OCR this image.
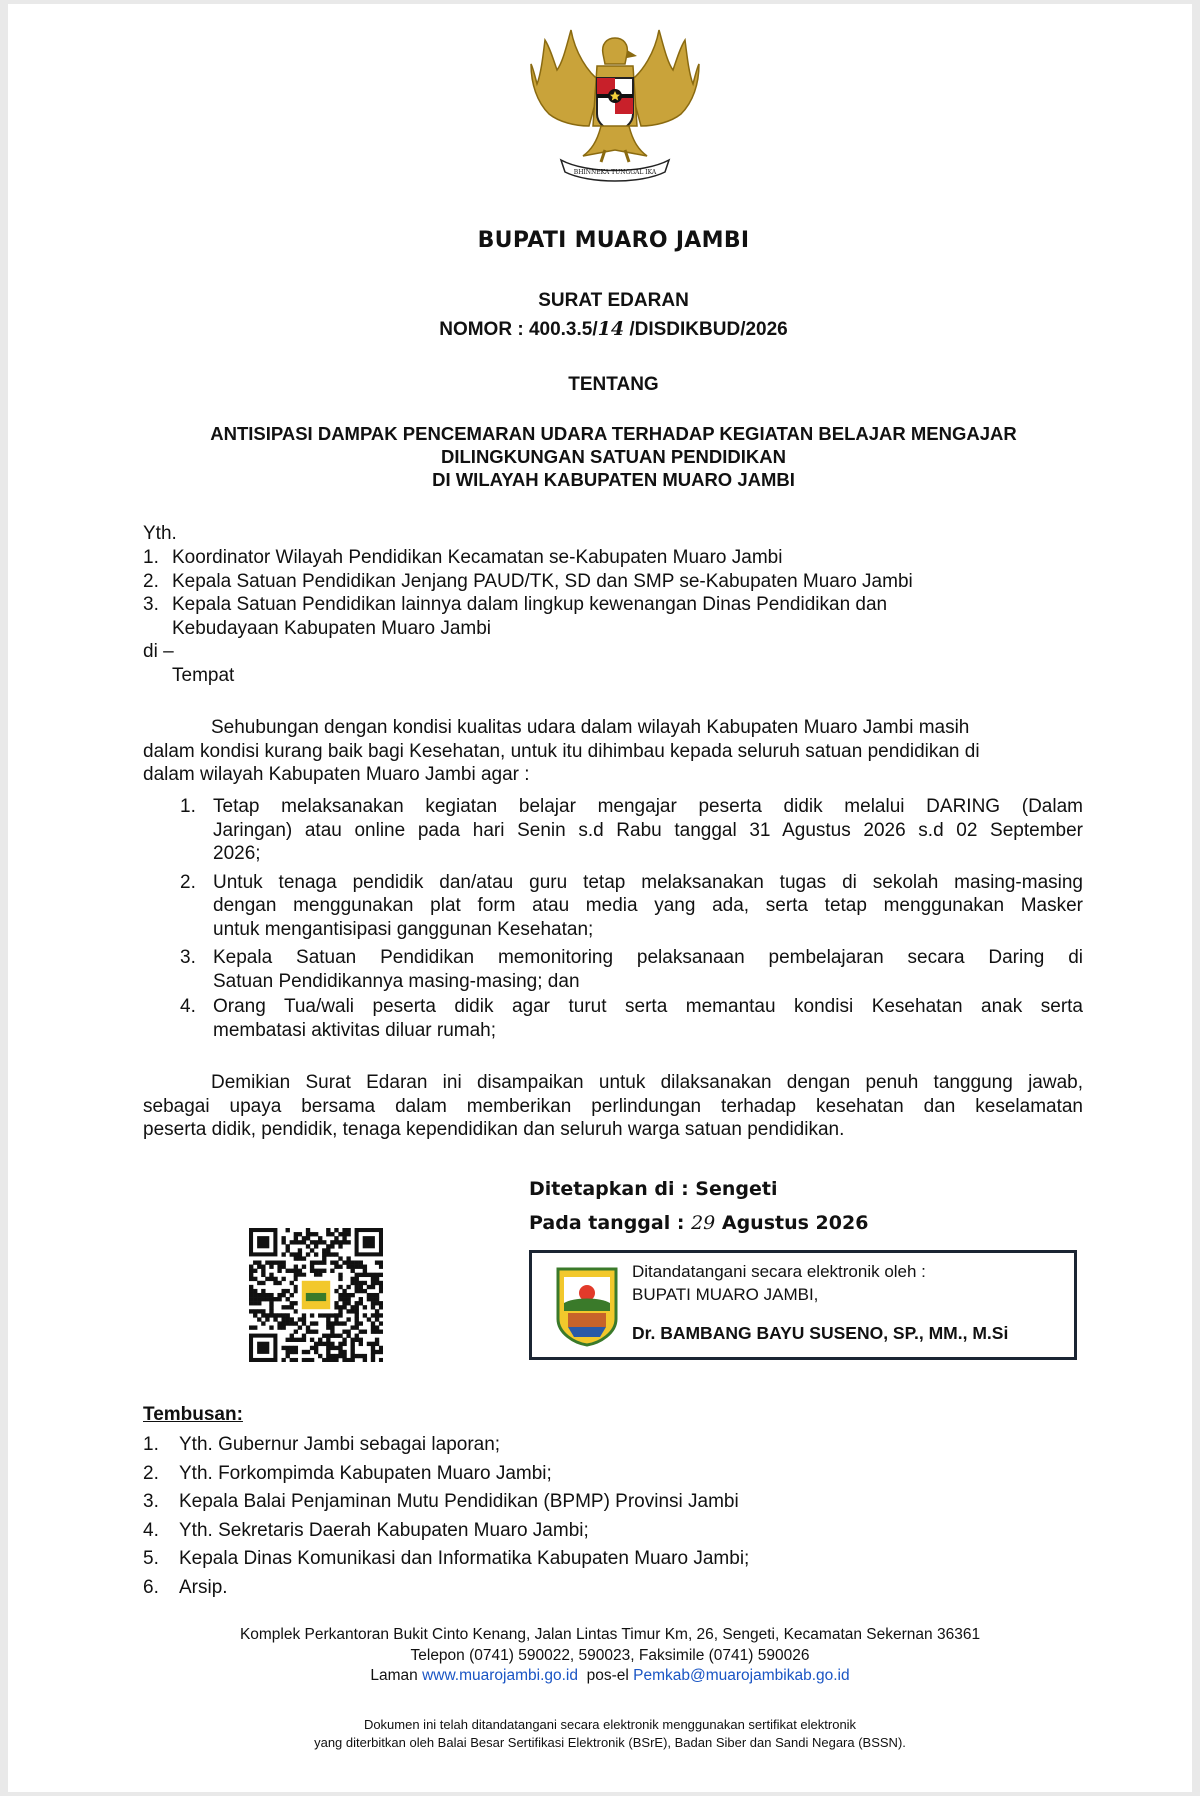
BHINNEKA TUNGGAL IKA
BUPATI MUARO JAMBI
SURAT EDARAN
NOMOR : 400.3.5/14 /DISDIKBUD/2026
TENTANG
ANTISIPASI DAMPAK PENCEMARAN UDARA TERHADAP KEGIATAN BELAJAR MENGAJAR
DILINGKUNGAN SATUAN PENDIDIKAN
DI WILAYAH KABUPATEN MUARO JAMBI
Yth.
1. Koordinator Wilayah Pendidikan Kecamatan se-Kabupaten Muaro Jambi
2. Kepala Satuan Pendidikan Jenjang PAUD/TK, SD dan SMP se-Kabupaten Muaro Jambi
3. Kepala Satuan Pendidikan lainnya dalam lingkup kewenangan Dinas Pendidikan dan
Kebudayaan Kabupaten Muaro Jambi
di –
Tempat
Sehubungan dengan kondisi kualitas udara dalam wilayah Kabupaten Muaro Jambi masih
dalam kondisi kurang baik bagi Kesehatan, untuk itu dihimbau kepada seluruh satuan pendidikan di
dalam wilayah Kabupaten Muaro Jambi agar :
1. Tetap melaksanakan kegiatan belajar mengajar peserta didik melalui DARING (Dalam
Jaringan) atau online pada hari Senin s.d Rabu tanggal 31 Agustus 2026 s.d 02 September
2026;
2. Untuk tenaga pendidik dan/atau guru tetap melaksanakan tugas di sekolah masing-masing
dengan menggunakan plat form atau media yang ada, serta tetap menggunakan Masker
untuk mengantisipasi ganggunan Kesehatan;
3. Kepala Satuan Pendidikan memonitoring pelaksanaan pembelajaran secara Daring di
Satuan Pendidikannya masing-masing; dan
4. Orang Tua/wali peserta didik agar turut serta memantau kondisi Kesehatan anak serta
membatasi aktivitas diluar rumah;
Demikian Surat Edaran ini disampaikan untuk dilaksanakan dengan penuh tanggung jawab,
sebagai upaya bersama dalam memberikan perlindungan terhadap kesehatan dan keselamatan
peserta didik, pendidik, tenaga kependidikan dan seluruh warga satuan pendidikan.
Ditetapkan di : Sengeti
Pada tanggal : 29 Agustus 2026
Ditandatangani secara elektronik oleh :
BUPATI MUARO JAMBI,
Dr. BAMBANG BAYU SUSENO, SP., MM., M.Si
Tembusan:
1. Yth. Gubernur Jambi sebagai laporan;
2. Yth. Forkompimda Kabupaten Muaro Jambi;
3. Kepala Balai Penjaminan Mutu Pendidikan (BPMP) Provinsi Jambi
4. Yth. Sekretaris Daerah Kabupaten Muaro Jambi;
5. Kepala Dinas Komunikasi dan Informatika Kabupaten Muaro Jambi;
6. Arsip.
Komplek Perkantoran Bukit Cinto Kenang, Jalan Lintas Timur Km, 26, Sengeti, Kecamatan Sekernan 36361
Telepon (0741) 590022, 590023, Faksimile (0741) 590026
Laman www.muarojambi.go.id  pos-el Pemkab@muarojambikab.go.id
Dokumen ini telah ditandatangani secara elektronik menggunakan sertifikat elektronik
yang diterbitkan oleh Balai Besar Sertifikasi Elektronik (BSrE), Badan Siber dan Sandi Negara (BSSN).
